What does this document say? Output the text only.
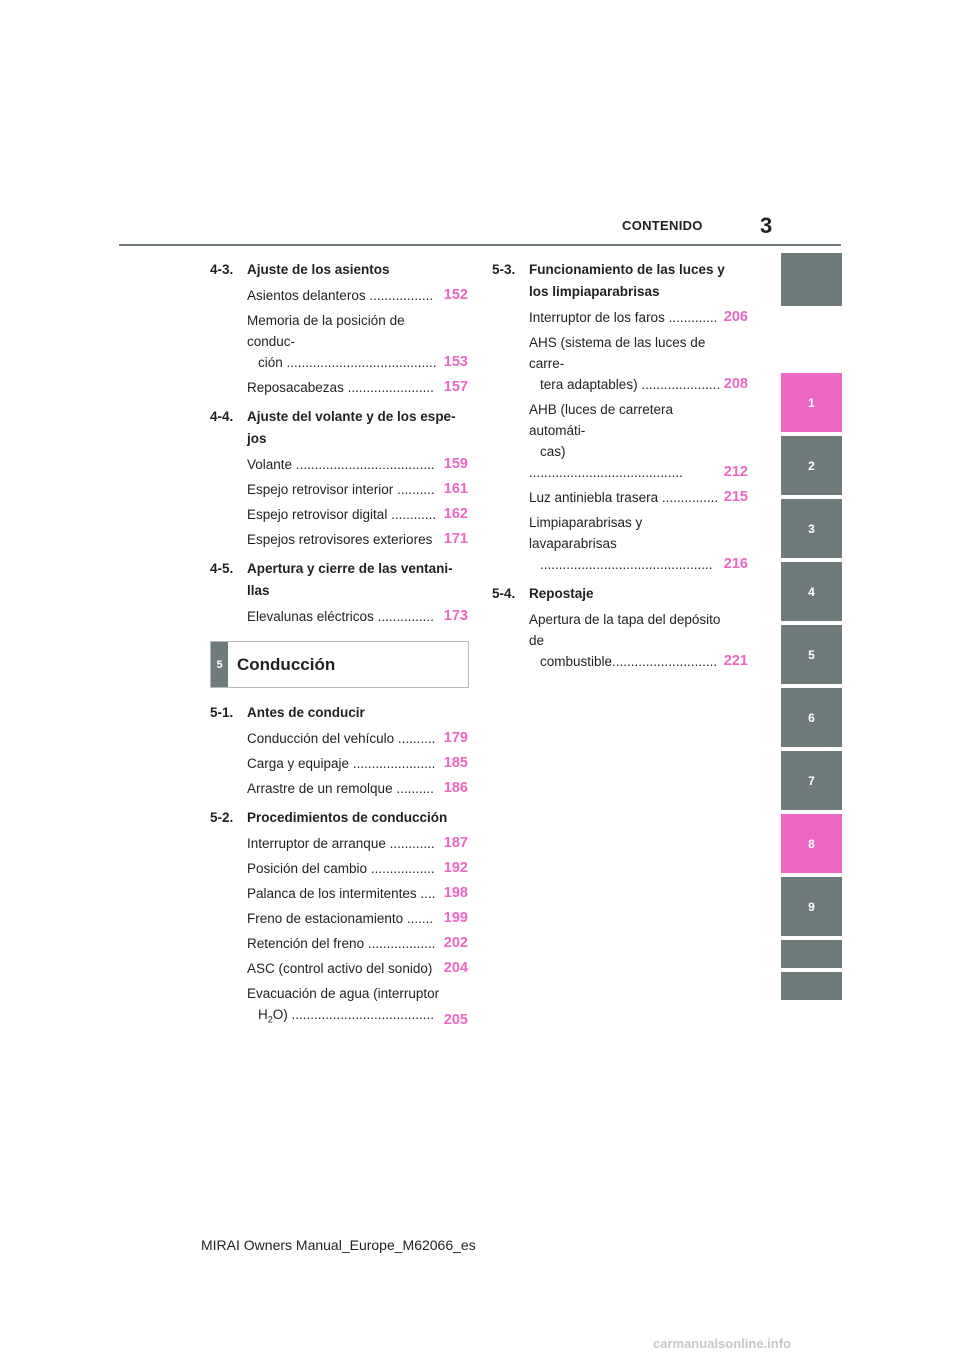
CONTENIDO	3
4-3.	Ajuste de los asientos
Asientos delanteros ................. 152
Memoria de la posición de conduc-
ción ........................................ 153
Reposacabezas ....................... 157
4-4.	Ajuste del volante y de los espe-jos
Volante ..................................... 159
Espejo retrovisor interior .......... 161
Espejo retrovisor digital ............ 162
Espejos retrovisores exteriores 171
4-5.	Apertura y cierre de las ventani-llas
Elevalunas eléctricos ............... 173
5 Conducción
5-1.	Antes de conducir
Conducción del vehículo .......... 179
Carga y equipaje ...................... 185
Arrastre de un remolque .......... 186
5-2.	Procedimientos de conducción
Interruptor de arranque ............ 187
Posición del cambio ................. 192
Palanca de los intermitentes .... 198
Freno de estacionamiento ....... 199
Retención del freno .................. 202
ASC (control activo del sonido) 204
Evacuación de agua (interruptor
$H_2O$) ...................................... 205
5-3.	Funcionamiento de las luces y los limpiaparabrisas
Interruptor de los faros ............. 206
AHS (sistema de las luces de carre-
tera adaptables) ..................... 208
AHB (luces de carretera automáti-
cas) .........................................	212
Luz antiniebla trasera ............... 215
Limpiaparabrisas y lavaparabrisas
.............................................. 216
5-4.	Repostaje
Apertura de la tapa del depósito de
combustible............................ 221
1
2
3
4
5
6
7
8
9
MIRAI Owners Manual_Europe_M62066_es
carmanualsonline.info
